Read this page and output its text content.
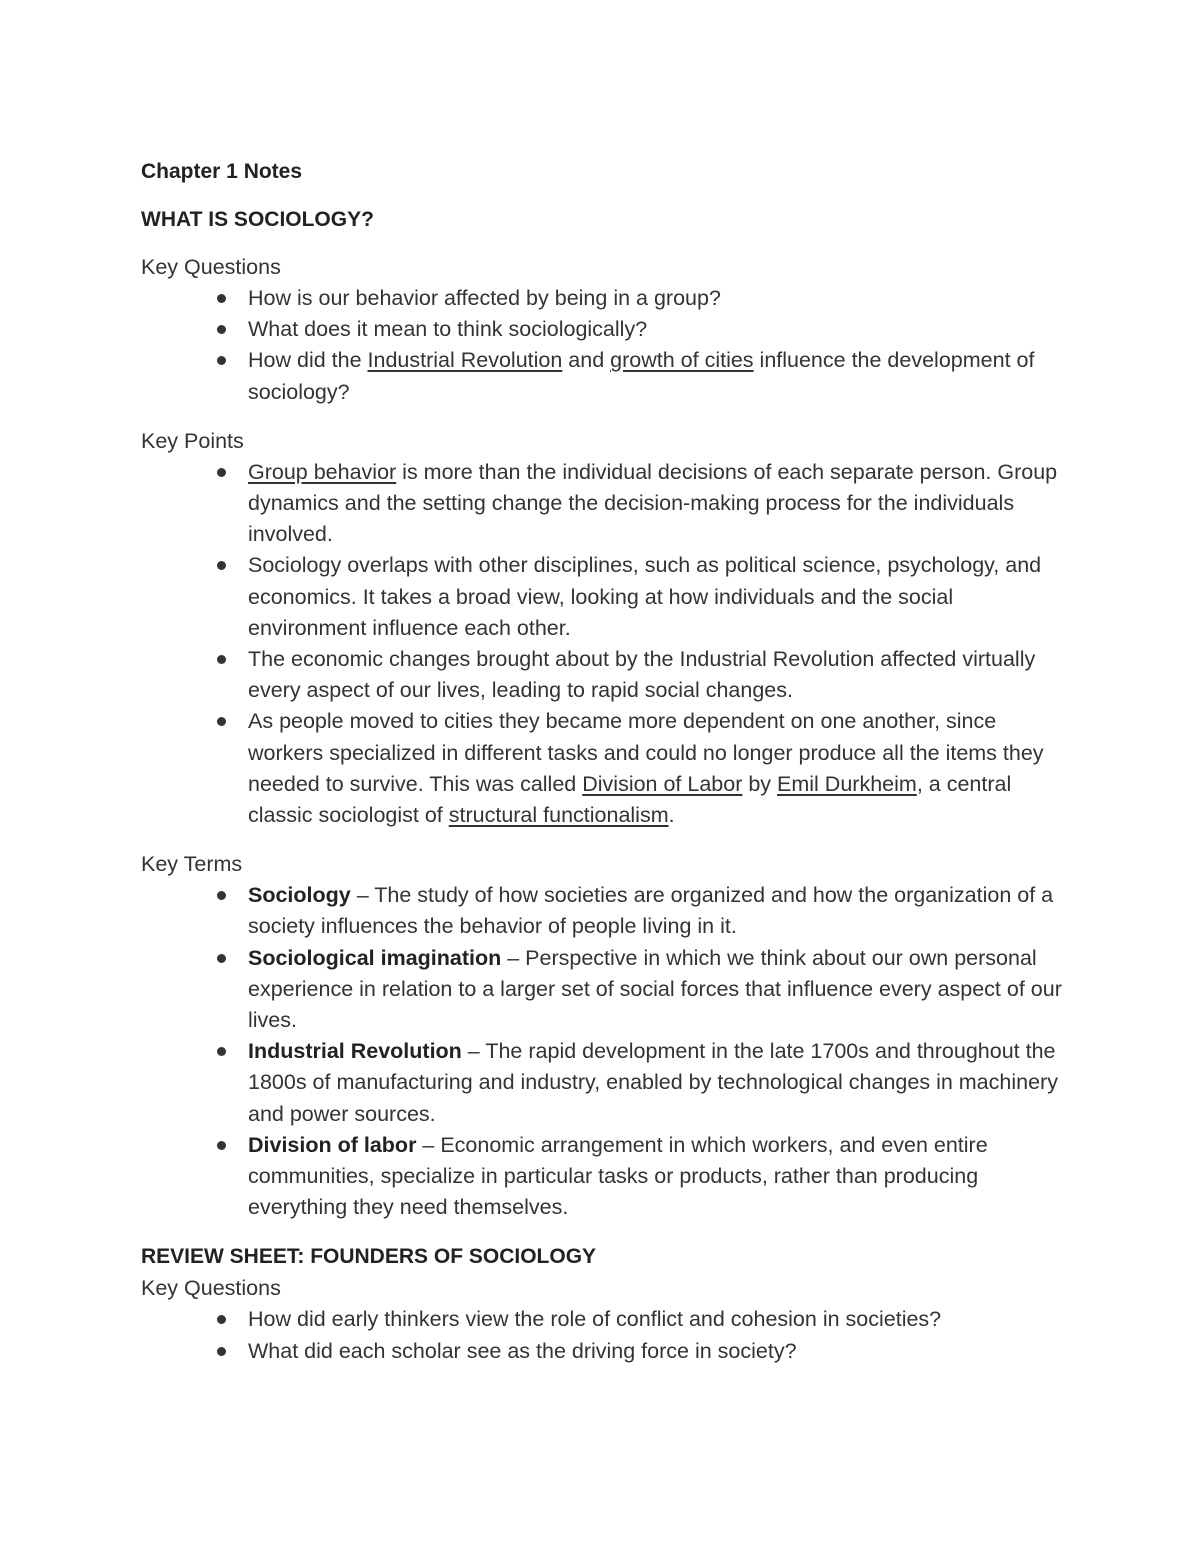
Chapter 1 Notes
WHAT IS SOCIOLOGY?
Key Questions
How is our behavior affected by being in a group?
What does it mean to think sociologically?
How did the Industrial Revolution and growth of cities influence the development of sociology?
Key Points
Group behavior is more than the individual decisions of each separate person. Group dynamics and the setting change the decision-making process for the individuals involved.
Sociology overlaps with other disciplines, such as political science, psychology, and economics. It takes a broad view, looking at how individuals and the social environment influence each other.
The economic changes brought about by the Industrial Revolution affected virtually every aspect of our lives, leading to rapid social changes.
As people moved to cities they became more dependent on one another, since workers specialized in different tasks and could no longer produce all the items they needed to survive. This was called Division of Labor by Emil Durkheim, a central classic sociologist of structural functionalism.
Key Terms
Sociology – The study of how societies are organized and how the organization of a society influences the behavior of people living in it.
Sociological imagination – Perspective in which we think about our own personal experience in relation to a larger set of social forces that influence every aspect of our lives.
Industrial Revolution – The rapid development in the late 1700s and throughout the 1800s of manufacturing and industry, enabled by technological changes in machinery and power sources.
Division of labor – Economic arrangement in which workers, and even entire communities, specialize in particular tasks or products, rather than producing everything they need themselves.
REVIEW SHEET: FOUNDERS OF SOCIOLOGY
Key Questions
How did early thinkers view the role of conflict and cohesion in societies?
What did each scholar see as the driving force in society?
